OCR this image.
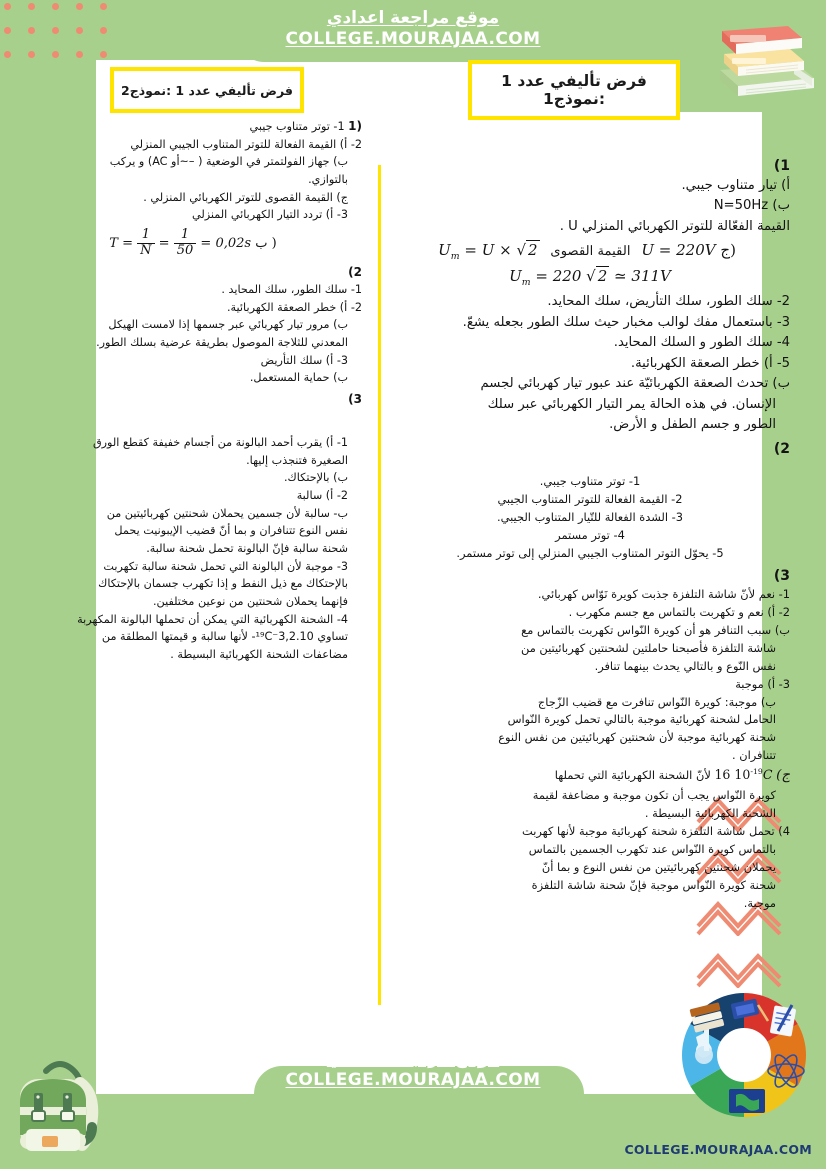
COLLEGE.MOURAJAA.COM
موقع مراجعة اعدادي
COLLEGE.MOURAJAA.COM
موقع مراجعة اعدادي
COLLEGE.MOURAJAA.COM
فرض تأليفي عدد 1 :نموذج2	فرض تأليفي عدد 1 :نموذج1

(1 1- توتر متناوب جيبي

2- أ) القيمة الفعالة للتوتر المتناوب الجيبي المنزلي

ب) جهاز الفولتمتر في الوضعية ( –~أو AC) و يركب

بالتوازي.

ج) القيمة القصوى للتوتر الكهربائي المنزلي .

3- أ) تردد التيار الكهربائي المنزلي

$T = \frac{1}{N} = \frac{1}{50} = 0,02s$ ب )

(2

1- سلك الطور، سلك المحايد .

2- أ) خطر الصعقة الكهربائية.

ب) مرور تيار كهربائي عبر جسمها إذا لامست الهيكل

المعدني للثلاجة الموصول بطريقة عرضية بسلك الطور.

3- أ) سلك التأريض

ب) حماية المستعمل.

(3

1- أ) يقرب أحمد البالونة من أجسام خفيفة كقطع الورق

الصغيرة فتنجذب إليها.

ب) بالإحتكاك.

2- أ) سالبة

ب- سالبة لأن جسمين يحملان شحنتين كهربائيتين من

نفس النوع تتنافران و بما أنّ قضيب الإيبونيت يحمل

شحنة سالبة فإنّ البالونة تحمل شحنة سالبة.

3- موجبة لأن البالونة التي تحمل شحنة سالبة تكهربت

بالإحتكاك مع ذيل النفط و إذا تكهرب جسمان بالإحتكاك

فإنهما يحملان شحنتين من نوعين مختلفين.

4- الشحنة الكهربائية التي يمكن أن تحملها البالونة المكهربة

تساوي 3,2.10⁻¹⁹C- لأنها سالبة و قيمتها المطلقة من

مضاعفات الشحنة الكهربائية البسيطة .

(1

أ) تيار متناوب جيبي.

ب) N=50Hz

القيمة الفعّالة للتوتر الكهربائي المنزلي U .

$U_m = U$ × √ 2 القيمة القصوى U = 220V ج)
$U_m = 220$ √ 2 ≃ 311V

2- سلك الطور، سلك التأريض، سلك المحايد.

3- باستعمال مفك لوالب مخبار حيث سلك الطور بجعله يشعّ.

4- سلك الطور و السلك المحايد.

5- أ) خطر الصعقة الكهربائية.

ب) تحدث الصعقة الكهربائيّة عند عبور تيار كهربائي لجسم

الإنسان. في هذه الحالة يمر التيار الكهربائي عبر سلك

الطور و جسم الطفل و الأرض.

(2

1- توتر متناوب جيبي.

2- القيمة الفعالة للتوتر المتناوب الجيبي

3- الشدة الفعالة للتّيار المتناوب الجيبي.

4- توتر مستمر

5- يحوّل التوتر المتناوب الجيبي المنزلي إلى توتر مستمر.

(3

1- نعم لأنّ شاشة التلفزة جذبت كويرة نَوّاس كهربائي.

2- أ) نعم و تكهربت بالتماس مع جسم مكهرب .

ب) سبب التنافر هو أن كويرة النّواس تكهربت بالتماس مع

شاشة التلفزة فأصبحنا حاملتين لشحنتين كهربائيتين من

نفس النّوع و بالتالي يحدث بينهما تنافر.

3- أ) موجبة

ب) موجبة: كويرة النّواس تنافرت مع قضيب الزّجاج

الحامل لشحنة كهربائية موجبة بالتالي تحمل كويرة النّواس

شحنة كهربائية موجبة لأن شحنتين كهربائيتين من نفس النوع

تتنافران .

ج) 16 $10^{-19}C$ لأنّ الشحنة الكهربائية التي تحملها

كويرة النّواس يجب أن تكون موجبة و مضاعفة لقيمة

الشحنة الكهربائية البسيطة .

4) تحمل شاشة التلفزة شحنة كهربائية موجبة لأنها كهربت

بالتماس كويرة النّواس عند تكهرب الجسمين بالتماس

يحملان شحنتين كهربائيتين من نفس النوع و بما أنّ

شحنة كويرة النّواس موجبة فإنّ شحنة شاشة التلفزة

موجبة.
